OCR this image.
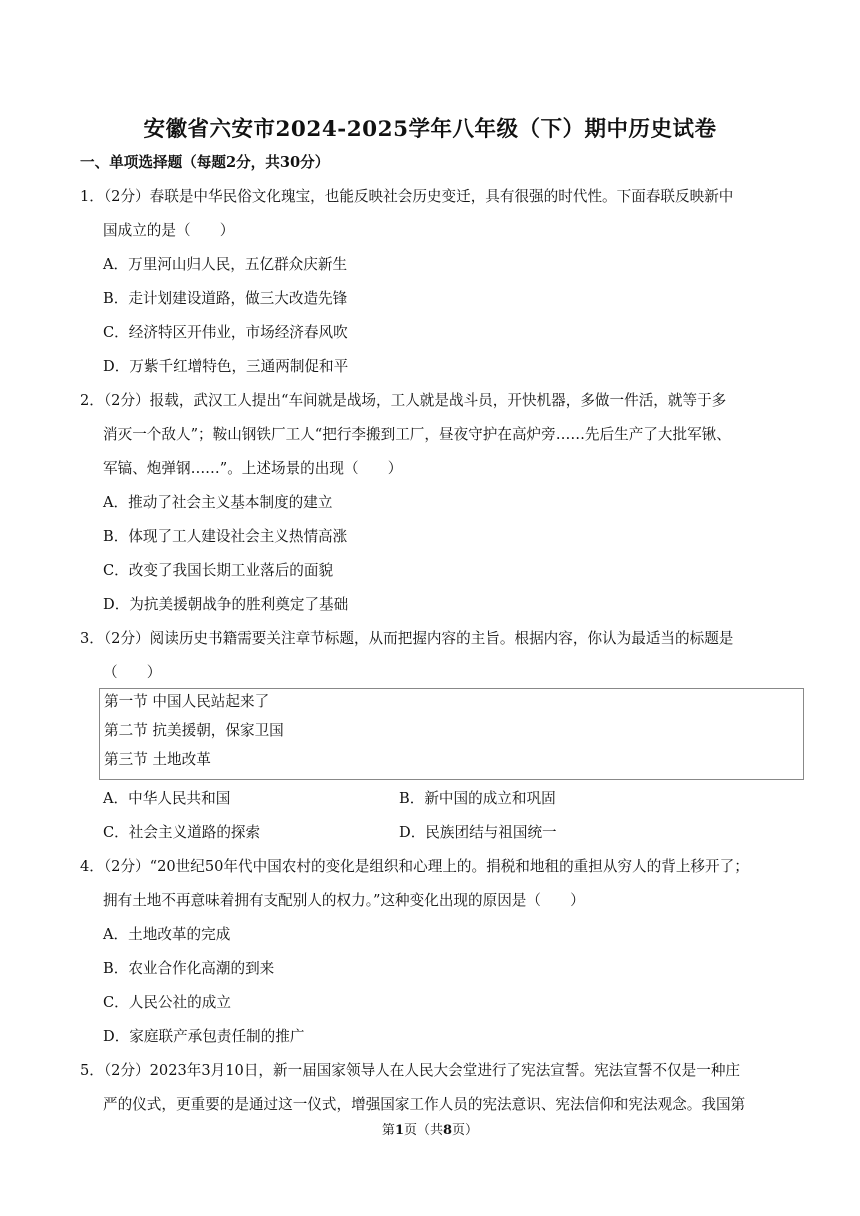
安徽省六安市2024-2025学年八年级（下）期中历史试卷
一、单项选择题（每题2分，共30分）
1．（2分）春联是中华民俗文化瑰宝，也能反映社会历史变迁，具有很强的时代性。下面春联反映新中
国成立的是（　　）
A．万里河山归人民，五亿群众庆新生
B．走计划建设道路，做三大改造先锋
C．经济特区开伟业，市场经济春风吹
D．万紫千红增特色，三通两制促和平
2．（2分）报载，武汉工人提出“车间就是战场，工人就是战斗员，开快机器，多做一件活，就等于多
消灭一个敌人”；鞍山钢铁厂工人“把行李搬到工厂，昼夜守护在高炉旁……先后生产了大批军锹、
军镐、炮弹钢……”。上述场景的出现（　　）
A．推动了社会主义基本制度的建立
B．体现了工人建设社会主义热情高涨
C．改变了我国长期工业落后的面貌
D．为抗美援朝战争的胜利奠定了基础
3．（2分）阅读历史书籍需要关注章节标题，从而把握内容的主旨。根据内容，你认为最适当的标题是
（　　）
第一节 中国人民站起来了
第二节 抗美援朝，保家卫国
第三节 土地改革
A．中华人民共和国	B．新中国的成立和巩固
C．社会主义道路的探索	D．民族团结与祖国统一
4．（2分）“20世纪50年代中国农村的变化是组织和心理上的。捐税和地租的重担从穷人的背上移开了；
拥有土地不再意味着拥有支配别人的权力。”这种变化出现的原因是（　　）
A．土地改革的完成
B．农业合作化高潮的到来
C．人民公社的成立
D．家庭联产承包责任制的推广
5．（2分）2023年3月10日，新一届国家领导人在人民大会堂进行了宪法宣誓。宪法宣誓不仅是一种庄
严的仪式，更重要的是通过这一仪式，增强国家工作人员的宪法意识、宪法信仰和宪法观念。我国第
第1页（共8页）
